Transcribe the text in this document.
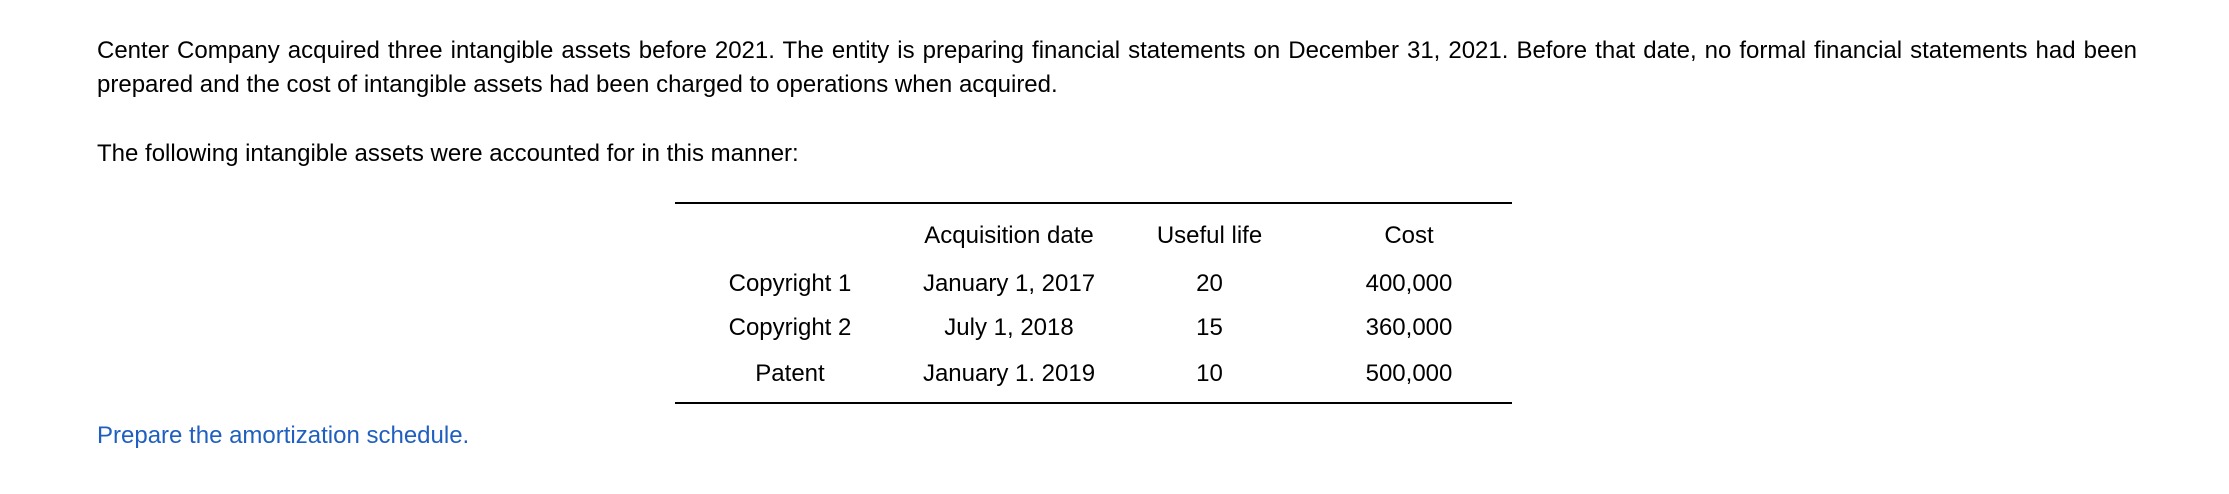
Center Company acquired three intangible assets before 2021. The entity is preparing financial statements on December 31, 2021. Before that date, no formal financial statements had been prepared and the cost of intangible assets had been charged to operations when acquired.

The following intangible assets were accounted for in this manner:

	Acquisition date	Useful life	Cost
Copyright 1	January 1, 2017	20	400,000
Copyright 2	July 1, 2018	15	360,000
Patent	January 1. 2019	10	500,000
Prepare the amortization schedule.
